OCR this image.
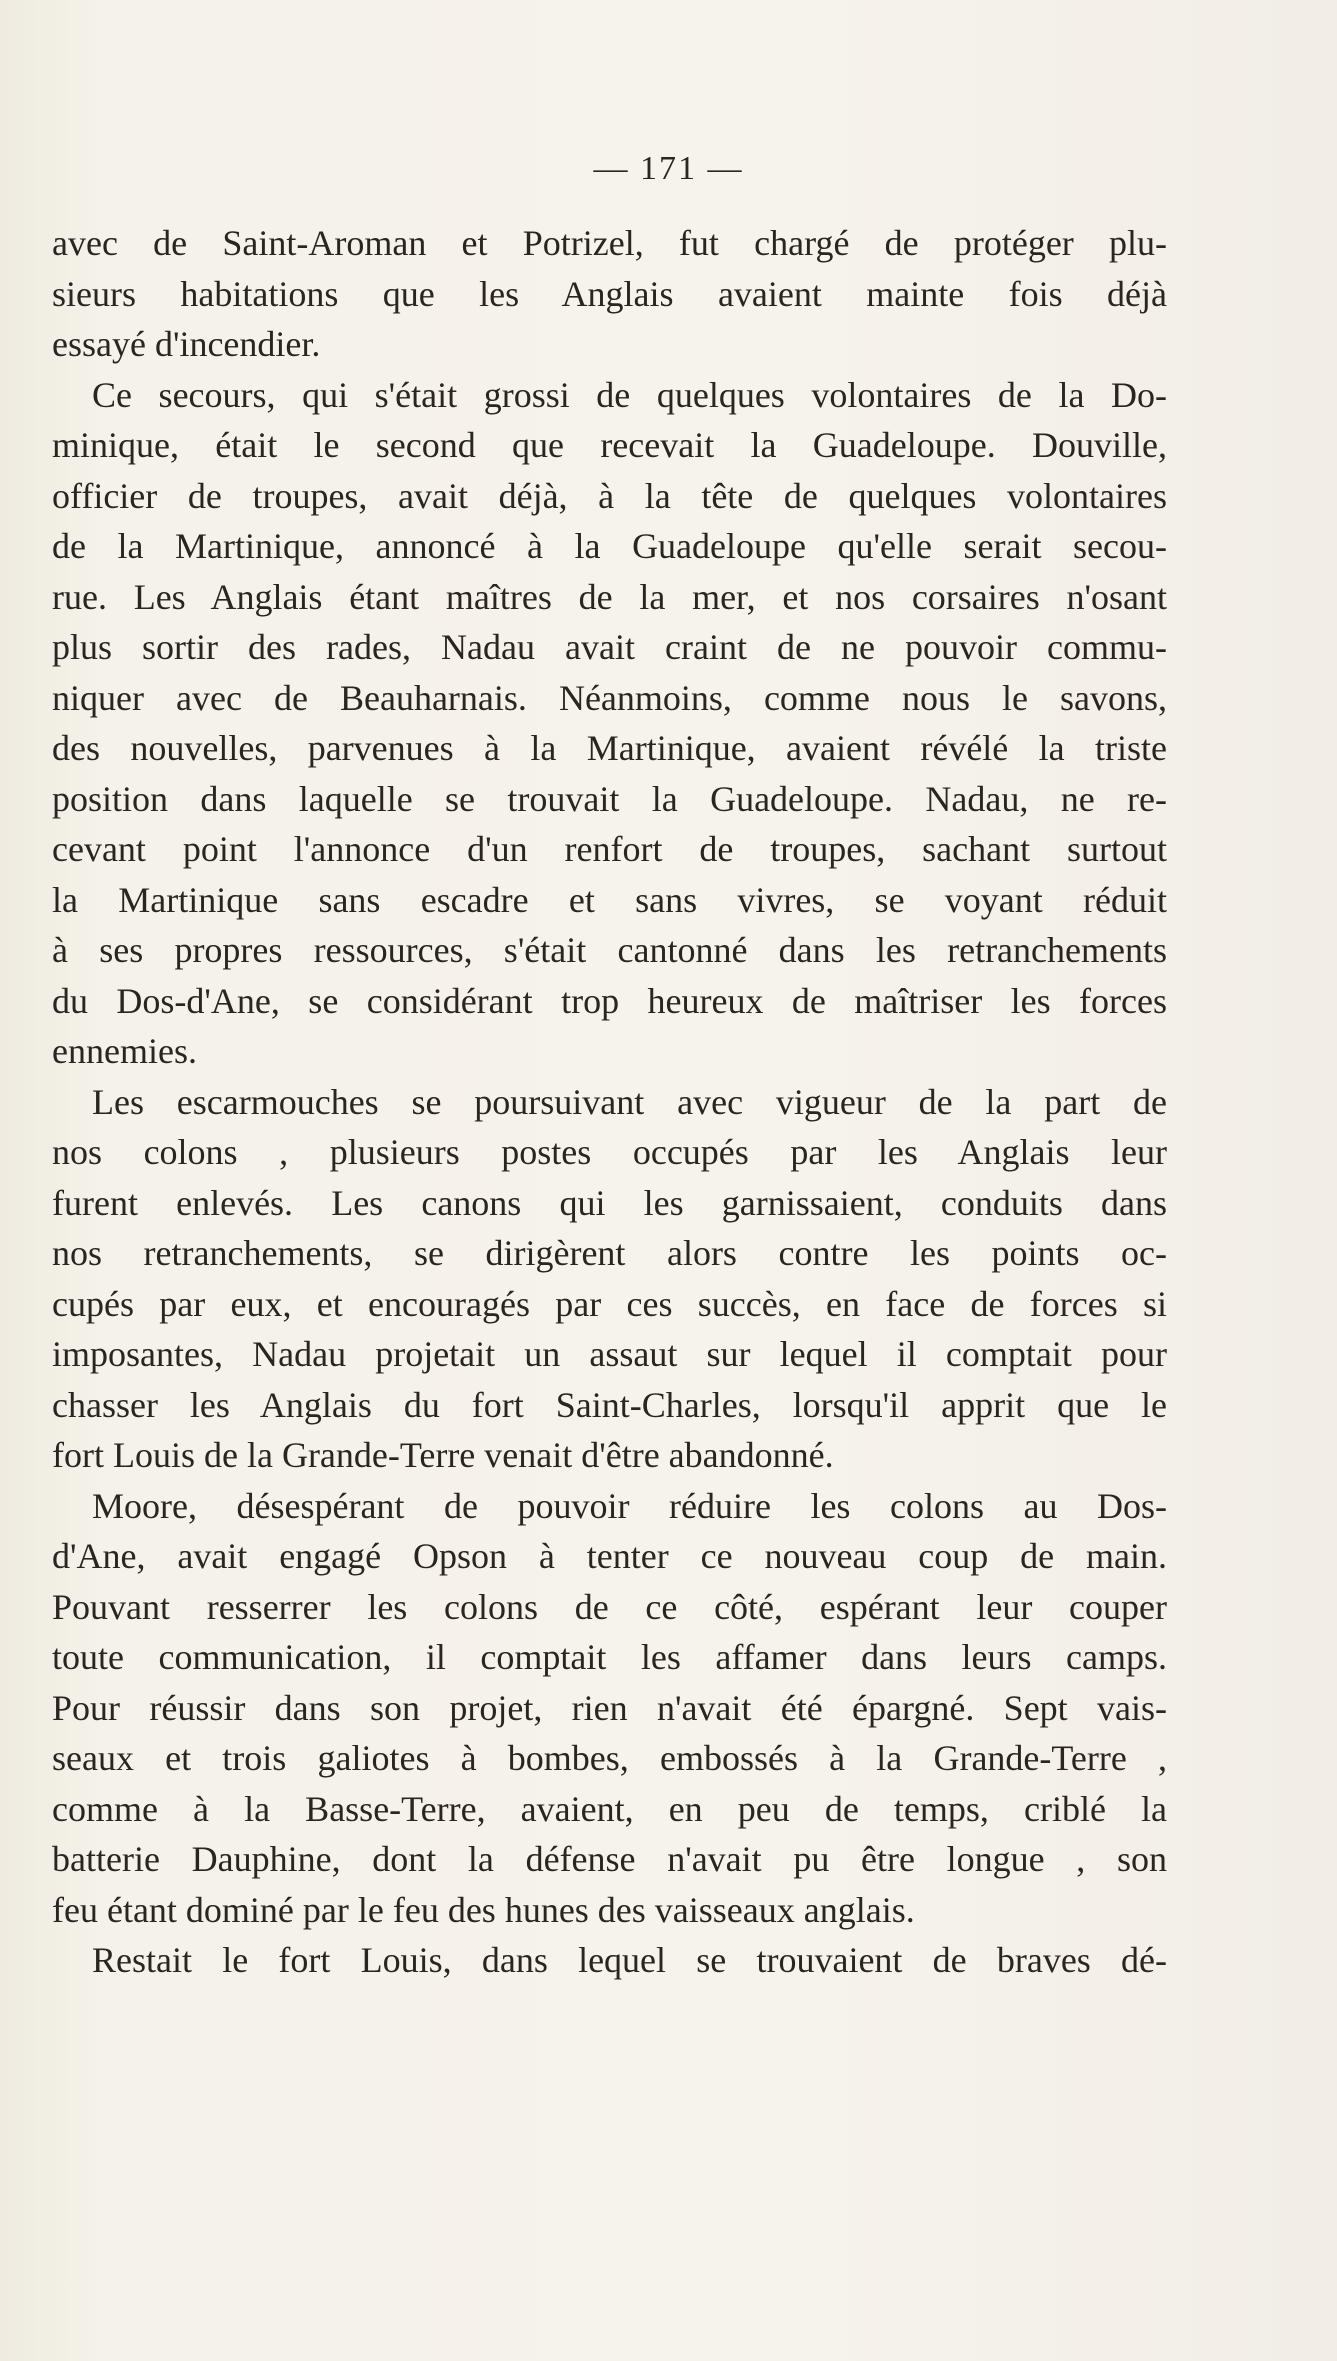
— 171 —
avec de Saint-Aroman et Potrizel, fut chargé de protéger plu-
sieurs habitations que les Anglais avaient mainte fois déjà
essayé d'incendier.
Ce secours, qui s'était grossi de quelques volontaires de la Do-
minique, était le second que recevait la Guadeloupe. Douville,
officier de troupes, avait déjà, à la tête de quelques volontaires
de la Martinique, annoncé à la Guadeloupe qu'elle serait secou-
rue. Les Anglais étant maîtres de la mer, et nos corsaires n'osant
plus sortir des rades, Nadau avait craint de ne pouvoir commu-
niquer avec de Beauharnais. Néanmoins, comme nous le savons,
des nouvelles, parvenues à la Martinique, avaient révélé la triste
position dans laquelle se trouvait la Guadeloupe. Nadau, ne re-
cevant point l'annonce d'un renfort de troupes, sachant surtout
la Martinique sans escadre et sans vivres, se voyant réduit
à ses propres ressources, s'était cantonné dans les retranchements
du Dos-d'Ane, se considérant trop heureux de maîtriser les forces
ennemies.
Les escarmouches se poursuivant avec vigueur de la part de
nos colons , plusieurs postes occupés par les Anglais leur
furent enlevés. Les canons qui les garnissaient, conduits dans
nos retranchements, se dirigèrent alors contre les points oc-
cupés par eux, et encouragés par ces succès, en face de forces si
imposantes, Nadau projetait un assaut sur lequel il comptait pour
chasser les Anglais du fort Saint-Charles, lorsqu'il apprit que le
fort Louis de la Grande-Terre venait d'être abandonné.
Moore, désespérant de pouvoir réduire les colons au Dos-
d'Ane, avait engagé Opson à tenter ce nouveau coup de main.
Pouvant resserrer les colons de ce côté, espérant leur couper
toute communication, il comptait les affamer dans leurs camps.
Pour réussir dans son projet, rien n'avait été épargné. Sept vais-
seaux et trois galiotes à bombes, embossés à la Grande-Terre ,
comme à la Basse-Terre, avaient, en peu de temps, criblé la
batterie Dauphine, dont la défense n'avait pu être longue , son
feu étant dominé par le feu des hunes des vaisseaux anglais.
Restait le fort Louis, dans lequel se trouvaient de braves dé-
